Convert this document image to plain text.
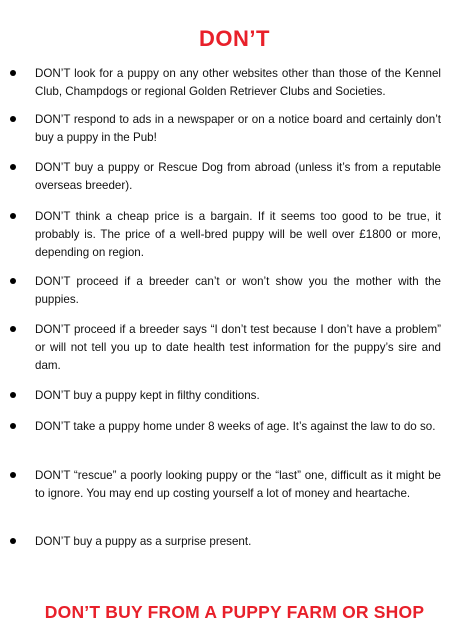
DON’T
DON’T look for a puppy on any other websites other than those of the Kennel Club, Champdogs or regional Golden Retriever Clubs and Societies.
DON’T respond to ads in a newspaper or on a notice board and certainly don’t buy a puppy in the Pub!
DON’T buy a puppy or Rescue Dog from abroad (unless it’s from a reputable overseas breeder).
DON’T think a cheap price is a bargain. If it seems too good to be true, it probably is. The price of a well-bred puppy will be well over £1800 or more, depending on region.
DON’T proceed if a breeder can’t or won’t show you the mother with the puppies.
DON’T proceed if a breeder says “I don’t test because I don’t have a problem” or will not tell you up to date health test information for the puppy’s sire and dam.
DON’T buy a puppy kept in filthy conditions.
DON’T take a puppy home under 8 weeks of age. It’s against the law to do so.
DON’T “rescue” a poorly looking puppy or the “last” one, difficult as it might be to ignore. You may end up costing yourself a lot of money and heartache.
DON’T buy a puppy as a surprise present.
DON’T BUY FROM A PUPPY FARM OR SHOP
